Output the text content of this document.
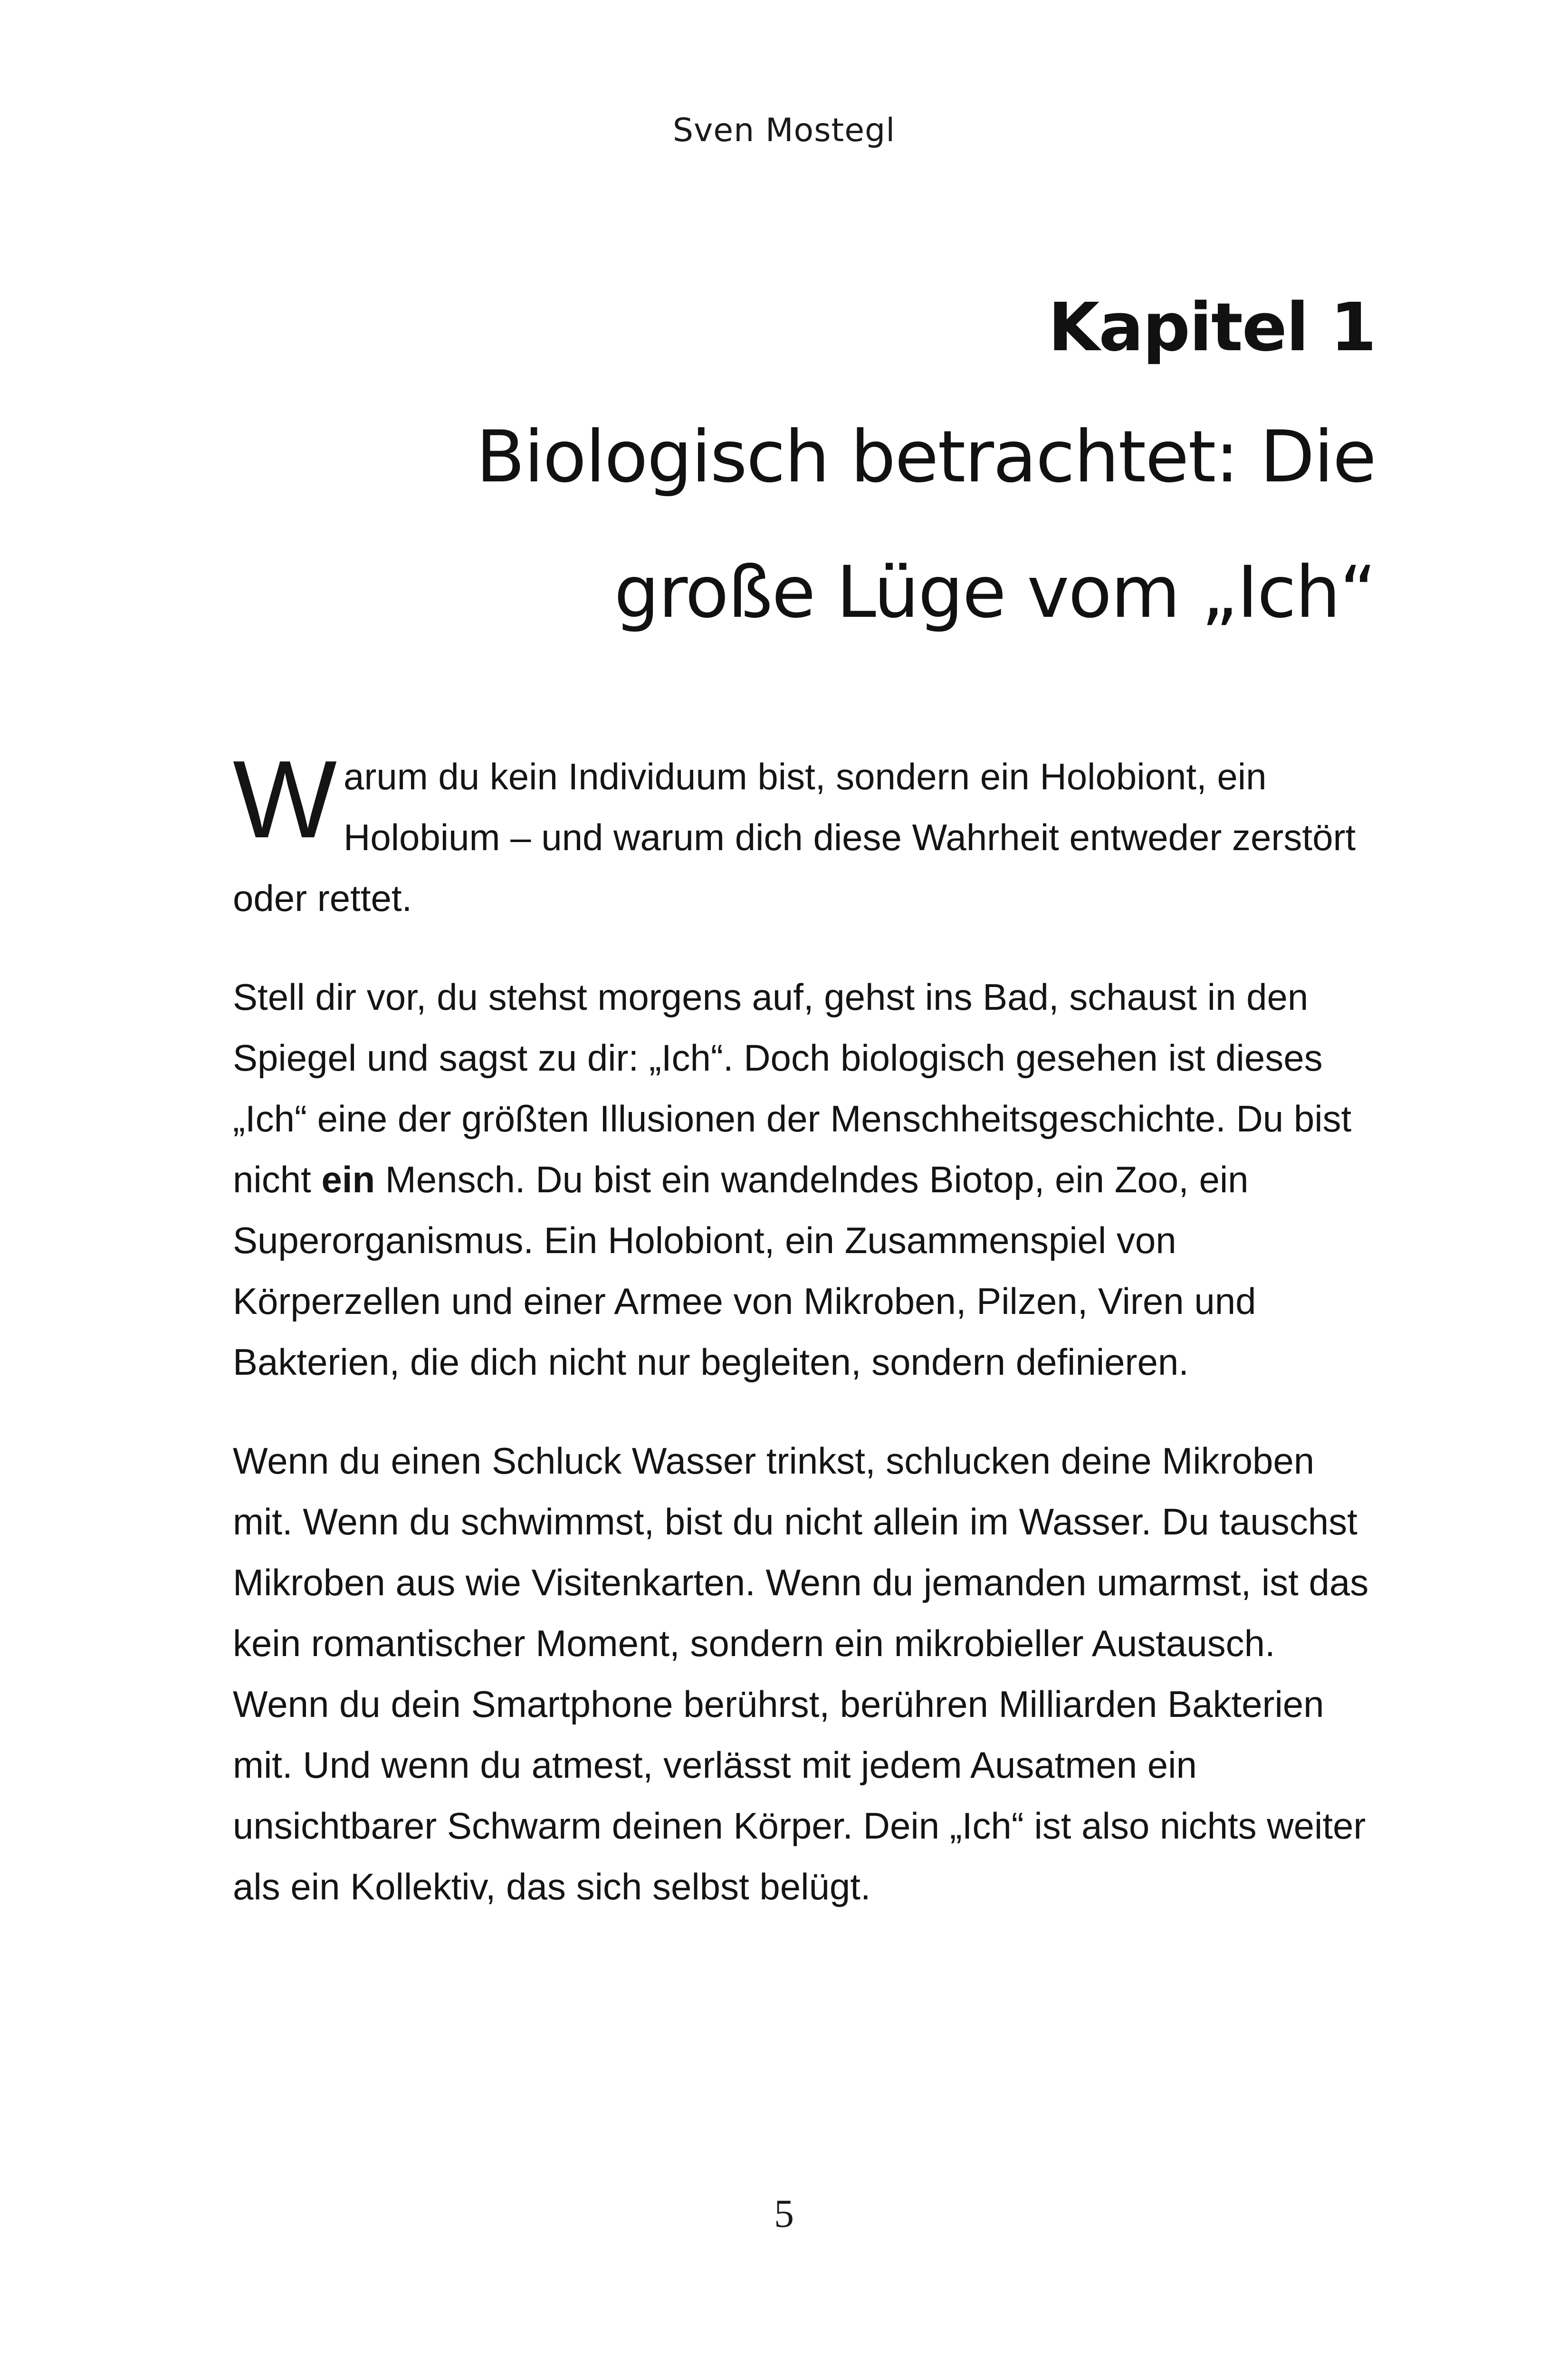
Sven Mostegl
Kapitel 1
Biologisch betrachtet: Die
große Lüge vom „Ich“

Warum du kein Individuum bist, sondern ein Holobiont, ein Holobium – und warum dich diese Wahrheit entweder zerstört oder rettet.

Stell dir vor, du stehst morgens auf, gehst ins Bad, schaust in den Spiegel und sagst zu dir: „Ich“. Doch biologisch gesehen ist dieses „Ich“ eine der größten Illusionen der Menschheitsgeschichte. Du bist nicht ein Mensch. Du bist ein wandelndes Biotop, ein Zoo, ein Superorganismus. Ein Holobiont, ein Zusammenspiel von Körperzellen und einer Armee von Mikroben, Pilzen, Viren und Bakterien, die dich nicht nur begleiten, sondern definieren.

Wenn du einen Schluck Wasser trinkst, schlucken deine Mikroben mit. Wenn du schwimmst, bist du nicht allein im Wasser. Du tauschst Mikroben aus wie Visitenkarten. Wenn du jemanden umarmst, ist das kein romantischer Moment, sondern ein mikrobieller Austausch. Wenn du dein Smartphone berührst, berühren Milliarden Bakterien mit. Und wenn du atmest, verlässt mit jedem Ausatmen ein unsichtbarer Schwarm deinen Körper. Dein „Ich“ ist also nichts weiter als ein Kollektiv, das sich selbst belügt.

5
